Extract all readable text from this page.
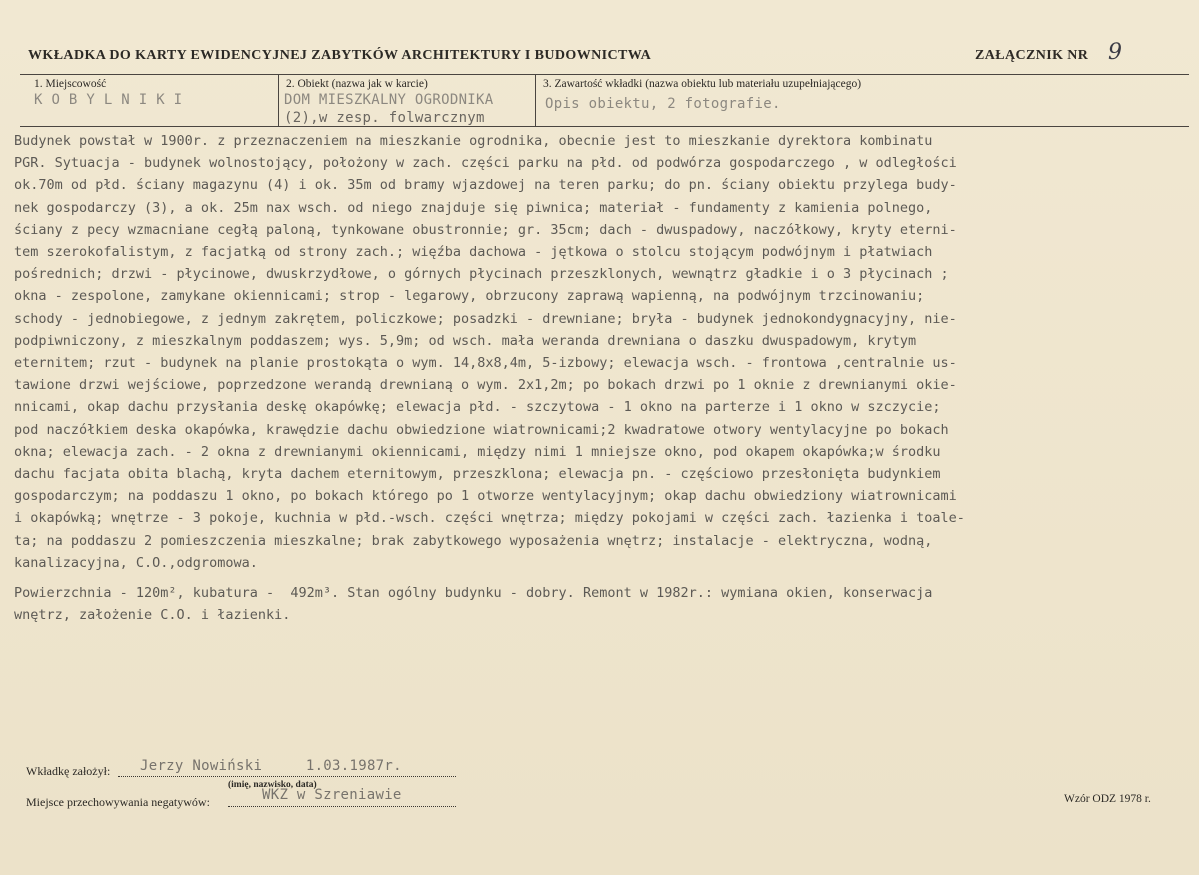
WKŁADKA DO KARTY EWIDENCYJNEJ ZABYTKÓW ARCHITEKTURY I BUDOWNICTWA	ZAŁĄCZNIK NR 9
1. Miejscowość
K O B Y L N I K I
2. Obiekt (nazwa jak w karcie)
DOM MIESZKALNY OGRODNIKA
(2),w zesp. folwarcznym
3. Zawartość wkładki (nazwa obiektu lub materiału uzupełniającego)
Opis obiektu, 2 fotografie.

Budynek powstał w 1900r. z przeznaczeniem na mieszkanie ogrodnika, obecnie jest to mieszkanie dyrektora kombinatu

PGR. Sytuacja - budynek wolnostojący, położony w zach. części parku na płd. od podwórza gospodarczego , w odległości

ok.70m od płd. ściany magazynu (4) i ok. 35m od bramy wjazdowej na teren parku; do pn. ściany obiektu przylega budy-

nek gospodarczy (3), a ok. 25m nax wsch. od niego znajduje się piwnica; materiał - fundamenty z kamienia polnego,

ściany z pecy wzmacniane cegłą paloną, tynkowane obustronnie; gr. 35cm; dach - dwuspadowy, naczółkowy, kryty eterni-

tem szerokofalistym, z facjatką od strony zach.; więźba dachowa - jętkowa o stolcu stojącym podwójnym i płatwiach

pośrednich; drzwi - płycinowe, dwuskrzydłowe, o górnych płycinach przeszklonych, wewnątrz gładkie i o 3 płycinach ;

okna - zespolone, zamykane okiennicami; strop - legarowy, obrzucony zaprawą wapienną, na podwójnym trzcinowaniu;

schody - jednobiegowe, z jednym zakrętem, policzkowe; posadzki - drewniane; bryła - budynek jednokondygnacyjny, nie-

podpiwniczony, z mieszkalnym poddaszem; wys. 5,9m; od wsch. mała weranda drewniana o daszku dwuspadowym, krytym

eternitem; rzut - budynek na planie prostokąta o wym. 14,8x8,4m, 5-izbowy; elewacja wsch. - frontowa ,centralnie us-

tawione drzwi wejściowe, poprzedzone werandą drewnianą o wym. 2x1,2m; po bokach drzwi po 1 oknie z drewnianymi okie-

nnicami, okap dachu przysłania deskę okapówkę; elewacja płd. - szczytowa - 1 okno na parterze i 1 okno w szczycie;

pod naczółkiem deska okapówka, krawędzie dachu obwiedzione wiatrownicami;2 kwadratowe otwory wentylacyjne po bokach

okna; elewacja zach. - 2 okna z drewnianymi okiennicami, między nimi 1 mniejsze okno, pod okapem okapówka;w środku

dachu facjata obita blachą, kryta dachem eternitowym, przeszklona; elewacja pn. - częściowo przesłonięta budynkiem

gospodarczym; na poddaszu 1 okno, po bokach którego po 1 otworze wentylacyjnym; okap dachu obwiedziony wiatrownicami

i okapówką; wnętrze - 3 pokoje, kuchnia w płd.-wsch. części wnętrza; między pokojami w części zach. łazienka i toale-

ta; na poddaszu 2 pomieszczenia mieszkalne; brak zabytkowego wyposażenia wnętrz; instalacje - elektryczna, wodną,

kanalizacyjna, C.O.,odgromowa.

Powierzchnia - 120m², kubatura -  492m³. Stan ogólny budynku - dobry. Remont w 1982r.: wymiana okien, konserwacja

wnętrz, założenie C.O. i łazienki.

Wkładkę założył: Jerzy Nowiński     1.03.1987r.
(imię, nazwisko, data)
Miejsce przechowywania negatywów:	WKZ w Szreniawie	Wzór ODZ 1978 r.
